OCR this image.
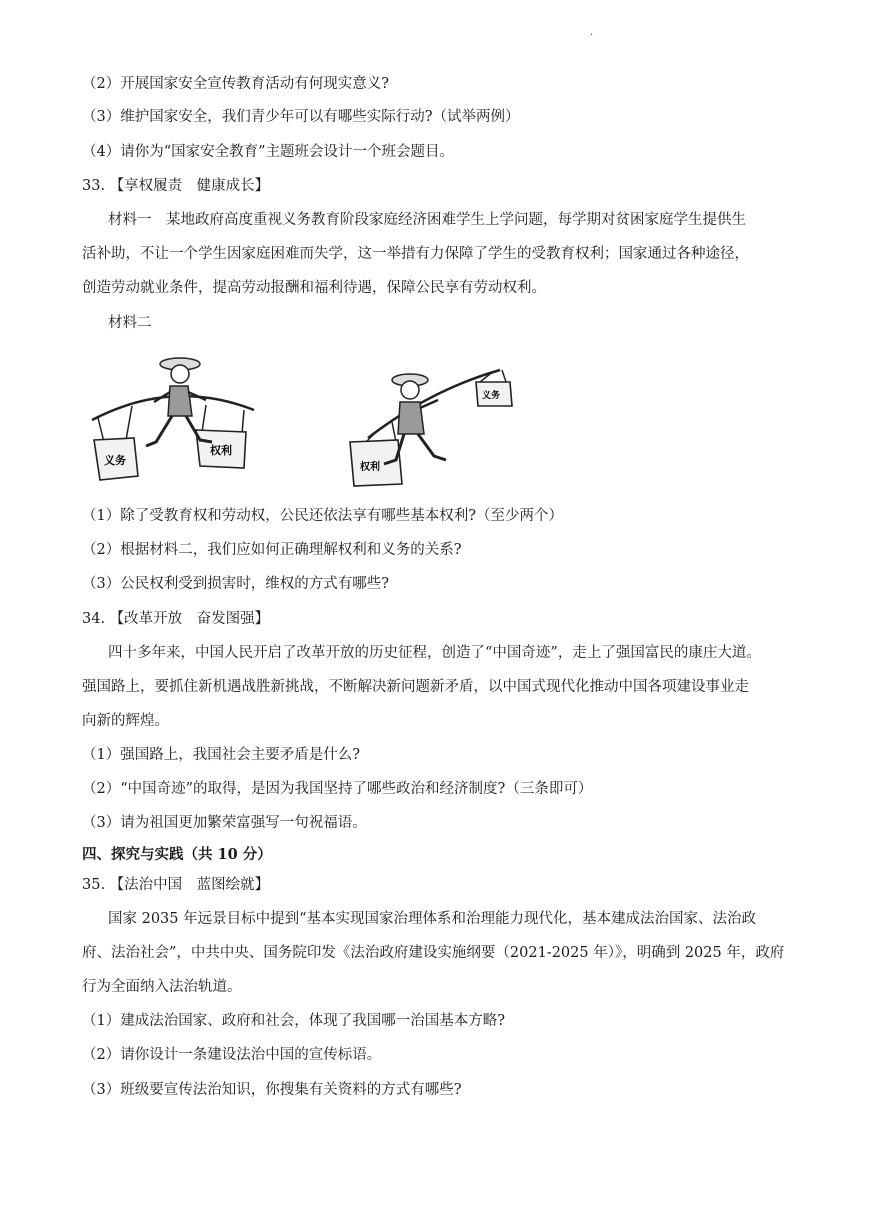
·
（2）开展国家安全宣传教育活动有何现实意义?
（3）维护国家安全，我们青少年可以有哪些实际行动?（试举两例）
（4）请你为“国家安全教育”主题班会设计一个班会题目。
33. 【享权履责　健康成长】
材料一　某地政府高度重视义务教育阶段家庭经济困难学生上学问题，每学期对贫困家庭学生提供生
活补助，不让一个学生因家庭困难而失学，这一举措有力保障了学生的受教育权利；国家通过各种途径，
创造劳动就业条件，提高劳动报酬和福利待遇，保障公民享有劳动权利。
材料二
义务
权利
权利
义务
（1）除了受教育权和劳动权，公民还依法享有哪些基本权利?（至少两个）
（2）根据材料二，我们应如何正确理解权利和义务的关系?
（3）公民权利受到损害时，维权的方式有哪些?
34. 【改革开放　奋发图强】
四十多年来，中国人民开启了改革开放的历史征程，创造了“中国奇迹”，走上了强国富民的康庄大道。
强国路上，要抓住新机遇战胜新挑战，不断解决新问题新矛盾，以中国式现代化推动中国各项建设事业走
向新的辉煌。
（1）强国路上，我国社会主要矛盾是什么?
（2）“中国奇迹”的取得，是因为我国坚持了哪些政治和经济制度?（三条即可）
（3）请为祖国更加繁荣富强写一句祝福语。
四、探究与实践（共 10 分）
35. 【法治中国　蓝图绘就】
国家 2035 年远景目标中提到“基本实现国家治理体系和治理能力现代化，基本建成法治国家、法治政
府、法治社会”，中共中央、国务院印发《法治政府建设实施纲要（2021-2025 年）》，明确到 2025 年，政府
行为全面纳入法治轨道。
（1）建成法治国家、政府和社会，体现了我国哪一治国基本方略?
（2）请你设计一条建设法治中国的宣传标语。
（3）班级要宣传法治知识，你搜集有关资料的方式有哪些?
